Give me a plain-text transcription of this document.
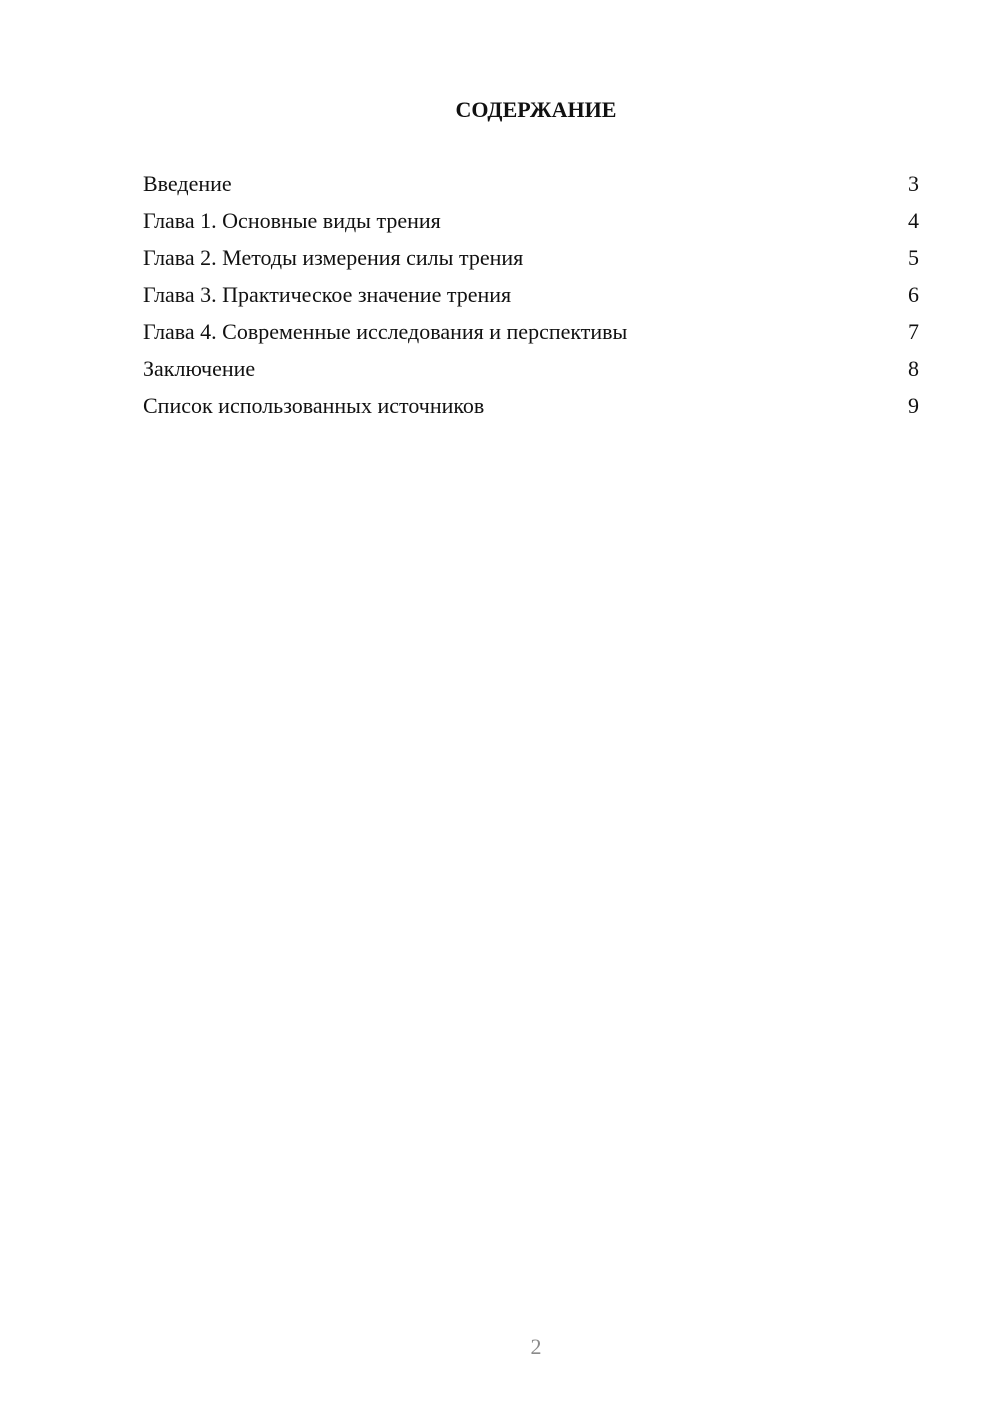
СОДЕРЖАНИЕ
Введение	3
Глава 1. Основные виды трения	4
Глава 2. Методы измерения силы трения	5
Глава 3. Практическое значение трения	6
Глава 4. Современные исследования и перспективы	7
Заключение	8
Список использованных источников	9
2
